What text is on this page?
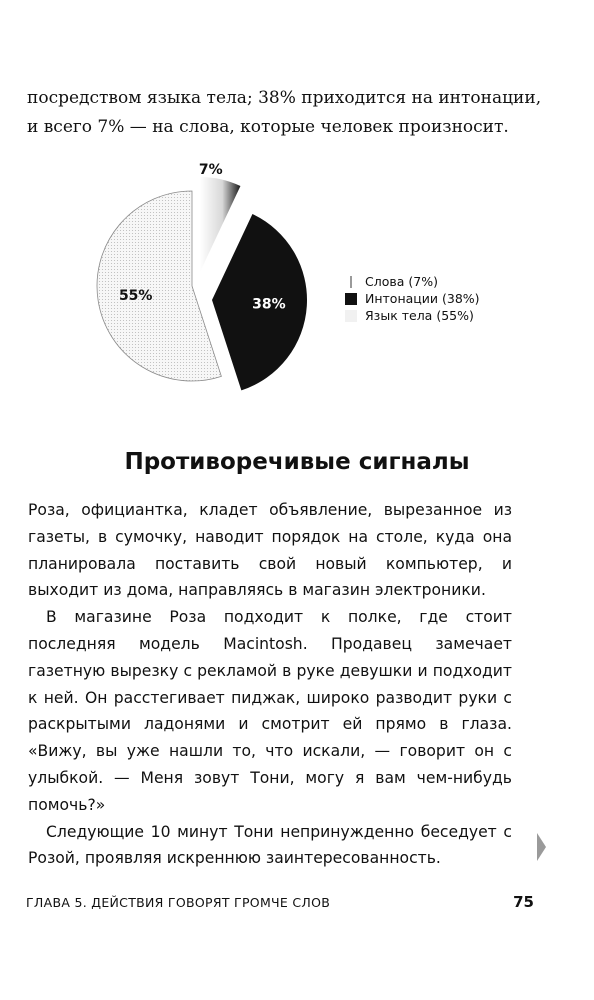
посредством языка тела; 38% приходится на интонации,

и всего 7% — на слова, которые человек произносит.

7%
38%
55%
Слова (7%)
Интонации (38%)
Язык тела (55%)
Противоречивые сигналы

Роза, официантка, кладет объявление, вырезанное из газеты, в сумочку, наводит порядок на столе, куда она планировала поставить свой новый компьютер, и выходит из дома, направляясь в магазин электроники.

В магазине Роза подходит к полке, где стоит последняя модель Macintosh. Продавец замечает газетную вырезку с рекламой в руке девушки и подходит к ней. Он расстегивает пиджак, широко разводит руки с раскрытыми ладонями и смотрит ей прямо в глаза. «Вижу, вы уже нашли то, что искали, — говорит он с улыбкой. — Меня зовут Тони, могу я вам чем-нибудь помочь?»

Следующие 10 минут Тони непринужденно беседует с Розой, проявляя искреннюю заинтересованность.

ГЛАВА 5. ДЕЙСТВИЯ ГОВОРЯТ ГРОМЧЕ СЛОВ	75
